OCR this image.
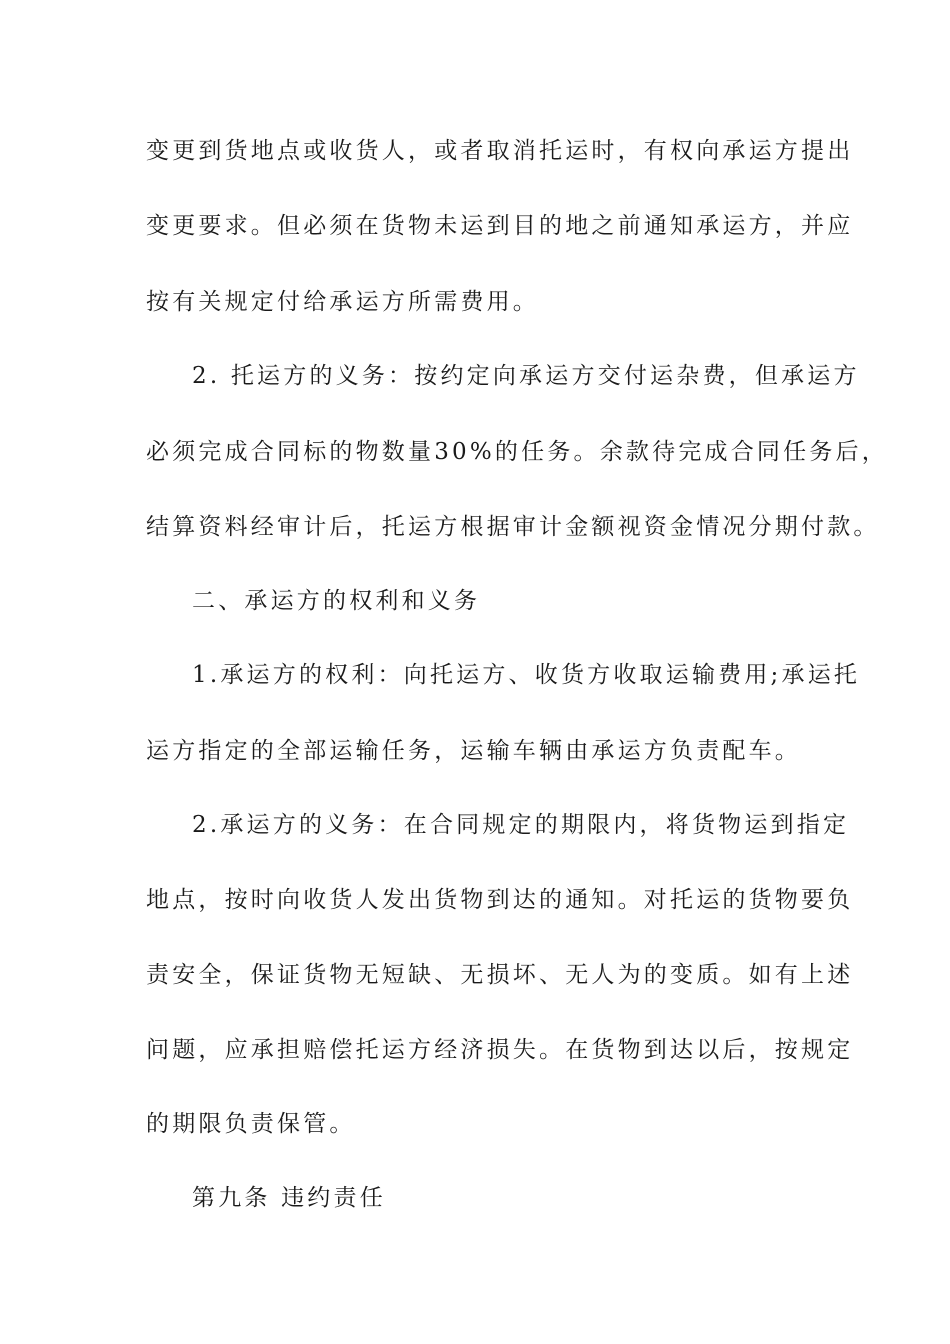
变更到货地点或收货人，或者取消托运时，有权向承运方提出
变更要求。但必须在货物未运到目的地之前通知承运方，并应
按有关规定付给承运方所需费用。
2. 托运方的义务：按约定向承运方交付运杂费，但承运方
必须完成合同标的物数量30%的任务。余款待完成合同任务后，
结算资料经审计后，托运方根据审计金额视资金情况分期付款。
二、承运方的权利和义务
1.承运方的权利：向托运方、收货方收取运输费用;承运托
运方指定的全部运输任务，运输车辆由承运方负责配车。
2.承运方的义务：在合同规定的期限内，将货物运到指定
地点，按时向收货人发出货物到达的通知。对托运的货物要负
责安全，保证货物无短缺、无损坏、无人为的变质。如有上述
问题，应承担赔偿托运方经济损失。在货物到达以后，按规定
的期限负责保管。
第九条 违约责任
